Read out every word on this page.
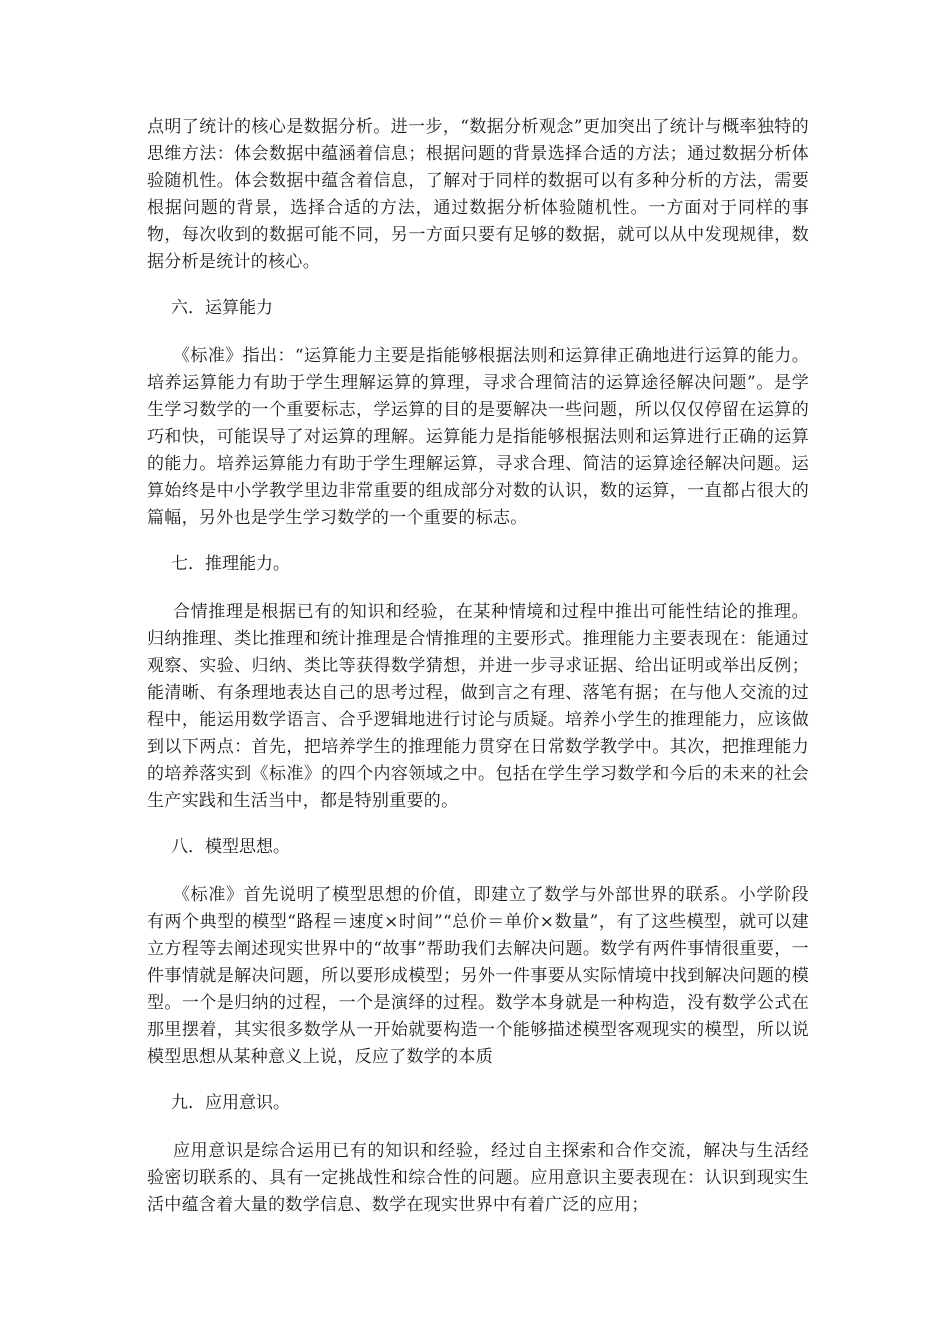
点明了统计的核心是数据分析。进一步，“数据分析观念”更加突出了统计与概率独特的思维方法：体会数据中蕴涵着信息；根据问题的背景选择合适的方法；通过数据分析体验随机性。体会数据中蕴含着信息，了解对于同样的数据可以有多种分析的方法，需要根据问题的背景，选择合适的方法，通过数据分析体验随机性。一方面对于同样的事物，每次收到的数据可能不同，另一方面只要有足够的数据，就可以从中发现规律，数据分析是统计的核心。

六．运算能力

《标准》指出：“运算能力主要是指能够根据法则和运算律正确地进行运算的能力。培养运算能力有助于学生理解运算的算理，寻求合理简洁的运算途径解决问题”。是学生学习数学的一个重要标志，学运算的目的是要解决一些问题，所以仅仅停留在运算的巧和快，可能误导了对运算的理解。运算能力是指能够根据法则和运算进行正确的运算的能力。培养运算能力有助于学生理解运算，寻求合理、简洁的运算途径解决问题。运算始终是中小学教学里边非常重要的组成部分对数的认识，数的运算，一直都占很大的篇幅，另外也是学生学习数学的一个重要的标志。

七．推理能力。

合情推理是根据已有的知识和经验，在某种情境和过程中推出可能性结论的推理。归纳推理、类比推理和统计推理是合情推理的主要形式。推理能力主要表现在：能通过观察、实验、归纳、类比等获得数学猜想，并进一步寻求证据、给出证明或举出反例；能清晰、有条理地表达自己的思考过程，做到言之有理、落笔有据；在与他人交流的过程中，能运用数学语言、合乎逻辑地进行讨论与质疑。培养小学生的推理能力，应该做到以下两点：首先，把培养学生的推理能力贯穿在日常数学教学中。其次，把推理能力的培养落实到《标准》的四个内容领域之中。包括在学生学习数学和今后的未来的社会生产实践和生活当中，都是特别重要的。

八．模型思想。

《标准》首先说明了模型思想的价值，即建立了数学与外部世界的联系。小学阶段有两个典型的模型“路程＝速度×时间”“总价＝单价×数量”，有了这些模型，就可以建立方程等去阐述现实世界中的“故事”帮助我们去解决问题。数学有两件事情很重要，一件事情就是解决问题，所以要形成模型；另外一件事要从实际情境中找到解决问题的模型。一个是归纳的过程，一个是演绎的过程。数学本身就是一种构造，没有数学公式在那里摆着，其实很多数学从一开始就要构造一个能够描述模型客观现实的模型，所以说模型思想从某种意义上说，反应了数学的本质

九．应用意识。

应用意识是综合运用已有的知识和经验，经过自主探索和合作交流，解决与生活经验密切联系的、具有一定挑战性和综合性的问题。应用意识主要表现在：认识到现实生活中蕴含着大量的数学信息、数学在现实世界中有着广泛的应用；
